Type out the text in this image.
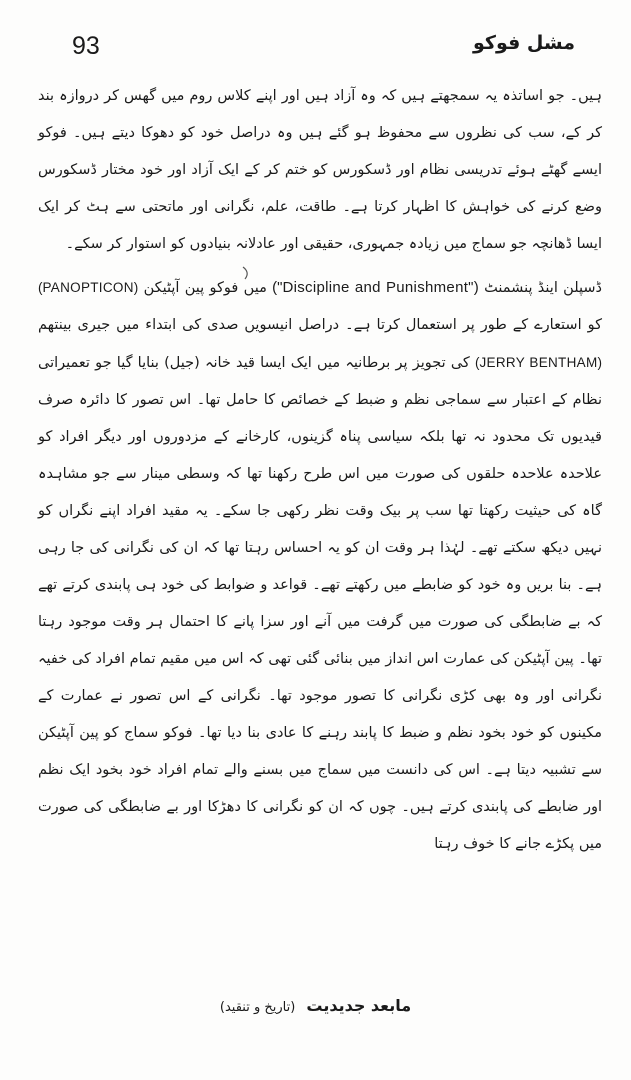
93	مشل فوکو

ہیں۔ جو اساتذہ یہ سمجھتے ہیں کہ وہ آزاد ہیں اور اپنے کلاس روم میں گھس کر دروازہ بند کر کے، سب کی نظروں سے محفوظ ہو گئے ہیں وہ دراصل خود کو دھوکا دیتے ہیں۔ فوکو ایسے گھٹے ہوئے تدریسی نظام اور ڈسکورس کو ختم کر کے ایک آزاد اور خود مختار ڈسکورس وضع کرنے کی خواہش کا اظہار کرتا ہے۔ طاقت، علم، نگرانی اور ماتحتی سے ہٹ کر ایک ایسا ڈھانچہ جو سماج میں زیادہ جمہوری، حقیقی اور عادلانہ بنیادوں کو استوار کر سکے۔

ڈسپلن اینڈ پنشمنٹ ("Discipline and Punishment") میں فوکو پین آپٹیکن (PANOPTICON) کو استعارے کے طور پر استعمال کرتا ہے۔ دراصل انیسویں صدی کی ابتداء میں جیری بینتھم (JERRY BENTHAM) کی تجویز پر برطانیہ میں ایک ایسا قید خانہ (جیل) بنایا گیا جو تعمیراتی نظام کے اعتبار سے سماجی نظم و ضبط کے خصائص کا حامل تھا۔ اس تصور کا دائرہ صرف قیدیوں تک محدود نہ تھا بلکہ سیاسی پناہ گزینوں، کارخانے کے مزدوروں اور دیگر افراد کو علاحدہ علاحدہ حلقوں کی صورت میں اس طرح رکھنا تھا کہ وسطی مینار سے جو مشاہدہ گاہ کی حیثیت رکھتا تھا سب پر بیک وقت نظر رکھی جا سکے۔ یہ مقید افراد اپنے نگراں کو نہیں دیکھ سکتے تھے۔ لہٰذا ہر وقت ان کو یہ احساس رہتا تھا کہ ان کی نگرانی کی جا رہی ہے۔ بنا بریں وہ خود کو ضابطے میں رکھتے تھے۔ قواعد و ضوابط کی خود ہی پابندی کرتے تھے کہ بے ضابطگی کی صورت میں گرفت میں آنے اور سزا پانے کا احتمال ہر وقت موجود رہتا تھا۔ پین آپٹیکن کی عمارت اس انداز میں بنائی گئی تھی کہ اس میں مقیم تمام افراد کی خفیہ نگرانی اور وہ بھی کڑی نگرانی کا تصور موجود تھا۔ نگرانی کے اس تصور نے عمارت کے مکینوں کو خود بخود نظم و ضبط کا پابند رہنے کا عادی بنا دیا تھا۔ فوکو سماج کو پین آپٹیکن سے تشبیہ دیتا ہے۔ اس کی دانست میں سماج میں بسنے والے تمام افراد خود بخود ایک نظم اور ضابطے کی پابندی کرتے ہیں۔ چوں کہ ان کو نگرانی کا دھڑکا اور بے ضابطگی کی صورت میں پکڑے جانے کا خوف رہتا

مابعد جدیدیت (تاریخ و تنقید)
